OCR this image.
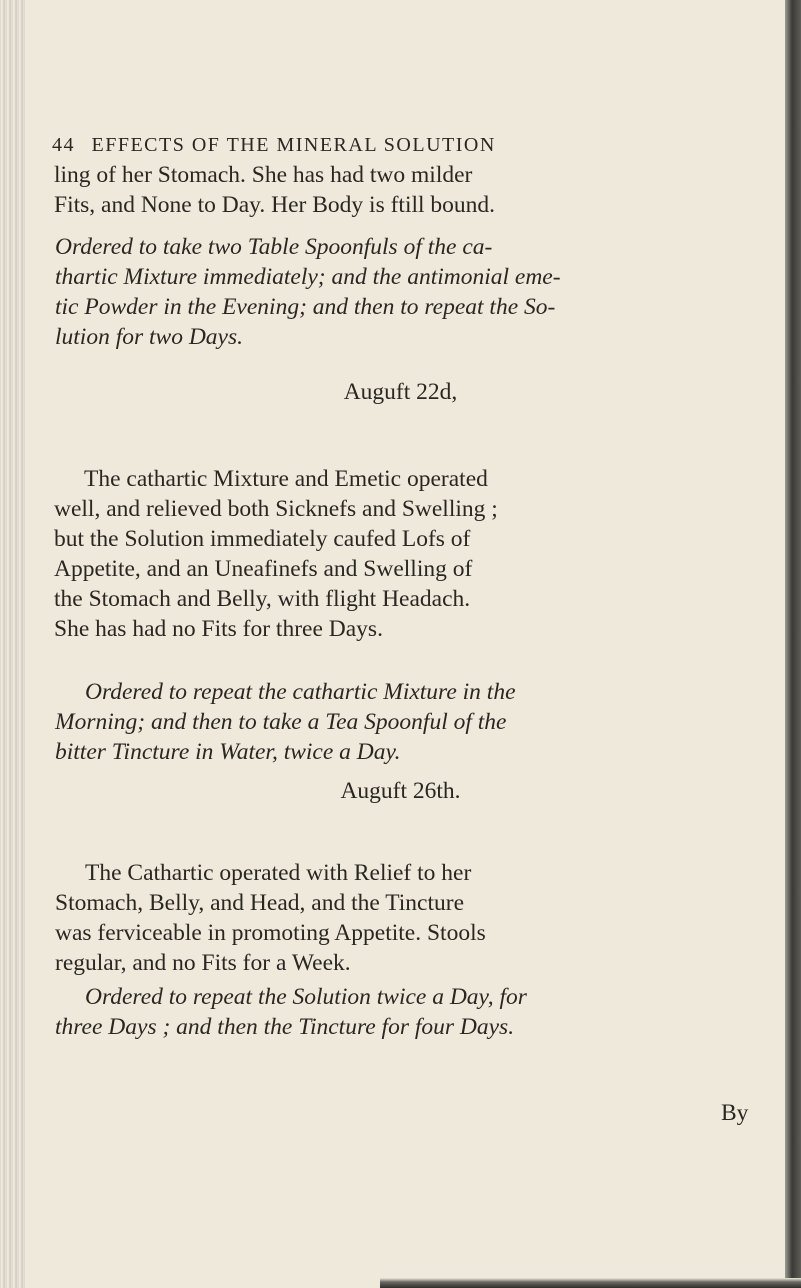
44 EFFECTS OF THE MINERAL SOLUTION
ling of her Stomach. She has had two milder
Fits, and None to Day. Her Body is ftill bound.
Ordered to take two Table Spoonfuls of the ca-
thartic Mixture immediately; and the antimonial eme-
tic Powder in the Evening; and then to repeat the So-
lution for two Days.
Auguft 22d,
The cathartic Mixture and Emetic operated
well, and relieved both Sicknefs and Swelling ;
but the Solution immediately caufed Lofs of
Appetite, and an Uneafinefs and Swelling of
the Stomach and Belly, with flight Headach.
She has had no Fits for three Days.
Ordered to repeat the cathartic Mixture in the
Morning; and then to take a Tea Spoonful of the
bitter Tincture in Water, twice a Day.
Auguft 26th.
The Cathartic operated with Relief to her
Stomach, Belly, and Head, and the Tincture
was ferviceable in promoting Appetite. Stools
regular, and no Fits for a Week.
Ordered to repeat the Solution twice a Day, for
three Days ; and then the Tincture for four Days.
By
